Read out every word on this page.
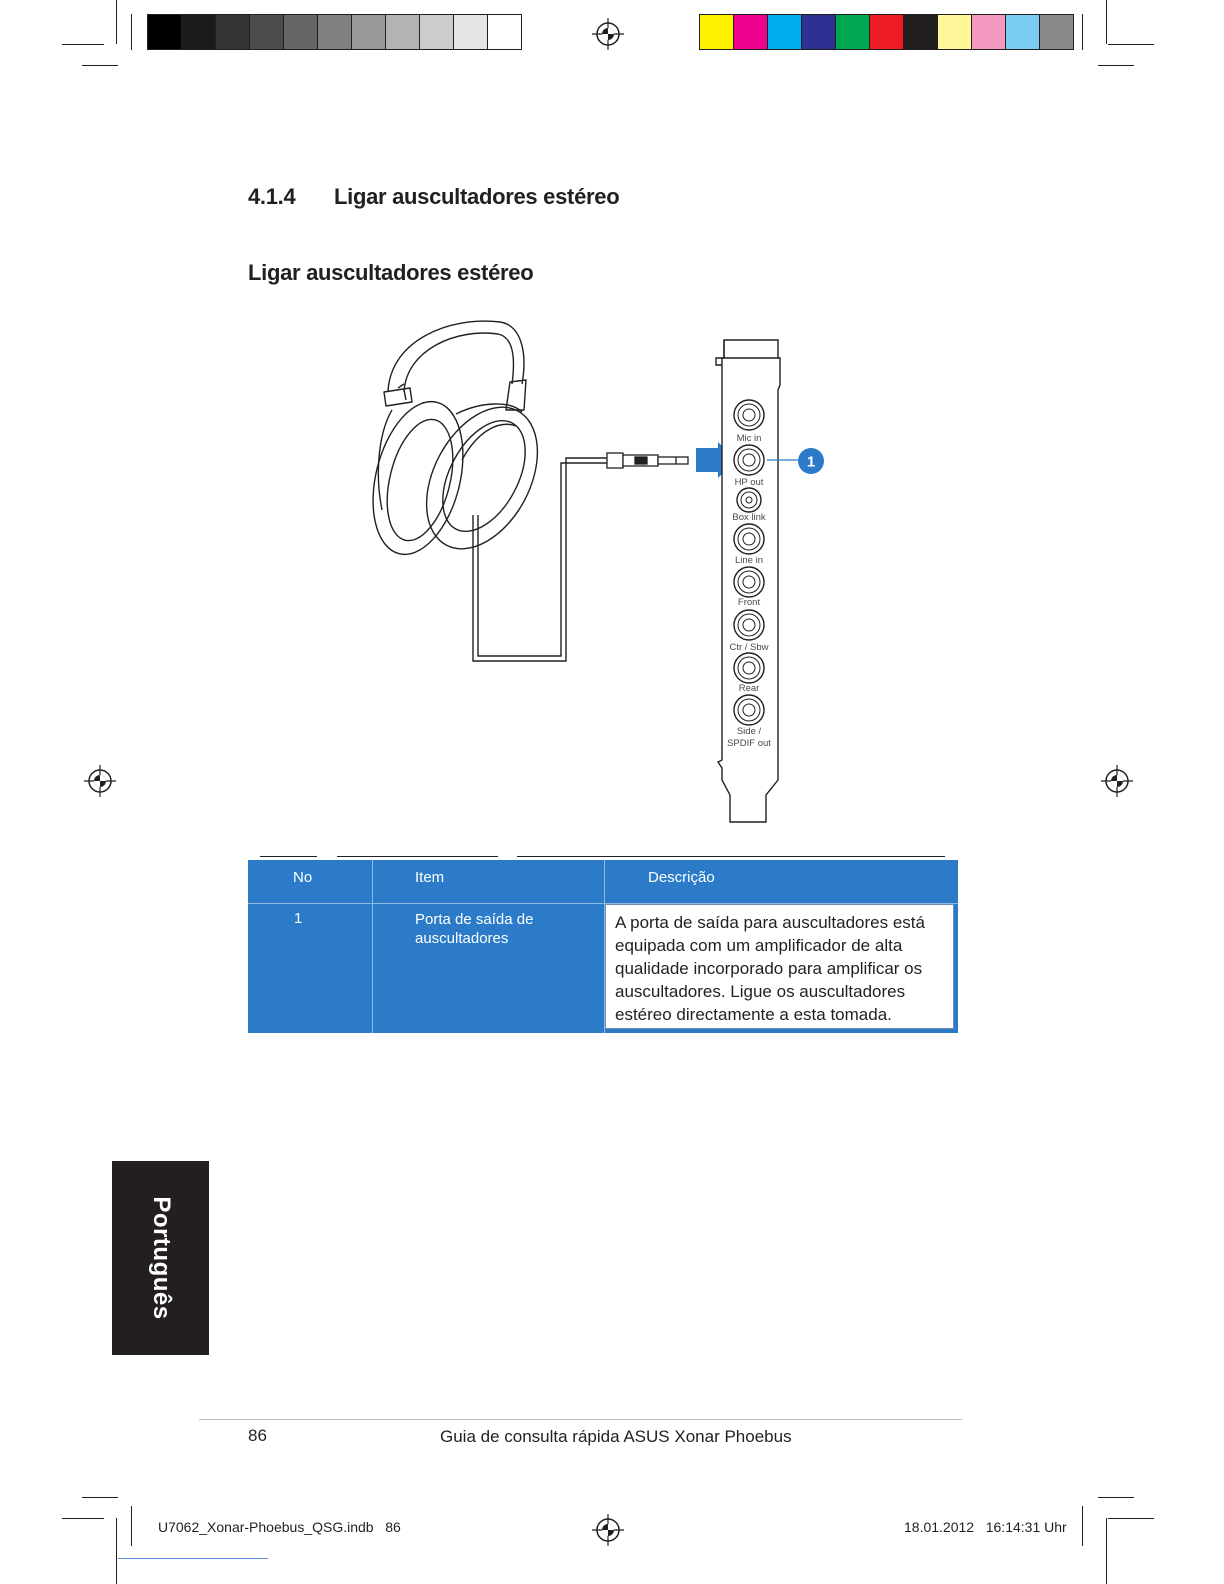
4.1.4 Ligar auscultadores estéreo
Ligar auscultadores estéreo
Mic in
HP out
Box link
Line in
Front
Ctr / Sbw
Rear
Side /
SPDIF out
1
No	Item	Descrição
1	Porta de saída de auscultadores	A porta de saída para auscultadores está equipada com um amplificador de alta qualidade incorporado para amplificar os auscultadores. Ligue os auscultadores estéreo directamente a esta tomada.
Português
86	Guia de consulta rápida ASUS Xonar Phoebus
U7062_Xonar-Phoebus_QSG.indb   86	18.01.2012   16:14:31 Uhr
